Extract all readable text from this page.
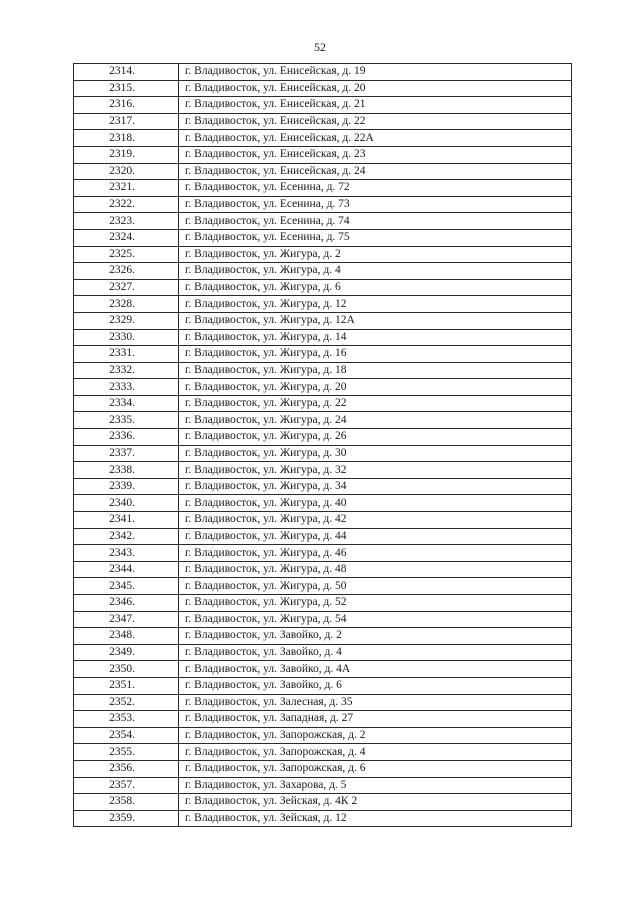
52
2314.	г. Владивосток, ул. Енисейская, д. 19
2315.	г. Владивосток, ул. Енисейская, д. 20
2316.	г. Владивосток, ул. Енисейская, д. 21
2317.	г. Владивосток, ул. Енисейская, д. 22
2318.	г. Владивосток, ул. Енисейская, д. 22А
2319.	г. Владивосток, ул. Енисейская, д. 23
2320.	г. Владивосток, ул. Енисейская, д. 24
2321.	г. Владивосток, ул. Есенина, д. 72
2322.	г. Владивосток, ул. Есенина, д. 73
2323.	г. Владивосток, ул. Есенина, д. 74
2324.	г. Владивосток, ул. Есенина, д. 75
2325.	г. Владивосток, ул. Жигура, д. 2
2326.	г. Владивосток, ул. Жигура, д. 4
2327.	г. Владивосток, ул. Жигура, д. 6
2328.	г. Владивосток, ул. Жигура, д. 12
2329.	г. Владивосток, ул. Жигура, д. 12А
2330.	г. Владивосток, ул. Жигура, д. 14
2331.	г. Владивосток, ул. Жигура, д. 16
2332.	г. Владивосток, ул. Жигура, д. 18
2333.	г. Владивосток, ул. Жигура, д. 20
2334.	г. Владивосток, ул. Жигура, д. 22
2335.	г. Владивосток, ул. Жигура, д. 24
2336.	г. Владивосток, ул. Жигура, д. 26
2337.	г. Владивосток, ул. Жигура, д. 30
2338.	г. Владивосток, ул. Жигура, д. 32
2339.	г. Владивосток, ул. Жигура, д. 34
2340.	г. Владивосток, ул. Жигура, д. 40
2341.	г. Владивосток, ул. Жигура, д. 42
2342.	г. Владивосток, ул. Жигура, д. 44
2343.	г. Владивосток, ул. Жигура, д. 46
2344.	г. Владивосток, ул. Жигура, д. 48
2345.	г. Владивосток, ул. Жигура, д. 50
2346.	г. Владивосток, ул. Жигура, д. 52
2347.	г. Владивосток, ул. Жигура, д. 54
2348.	г. Владивосток, ул. Завойко, д. 2
2349.	г. Владивосток, ул. Завойко, д. 4
2350.	г. Владивосток, ул. Завойко, д. 4А
2351.	г. Владивосток, ул. Завойко, д. 6
2352.	г. Владивосток, ул. Залесная, д. 35
2353.	г. Владивосток, ул. Западная, д. 27
2354.	г. Владивосток, ул. Запорожская, д. 2
2355.	г. Владивосток, ул. Запорожская, д. 4
2356.	г. Владивосток, ул. Запорожская, д. 6
2357.	г. Владивосток, ул. Захарова, д. 5
2358.	г. Владивосток, ул. Зейская, д. 4К 2
2359.	г. Владивосток, ул. Зейская, д. 12
